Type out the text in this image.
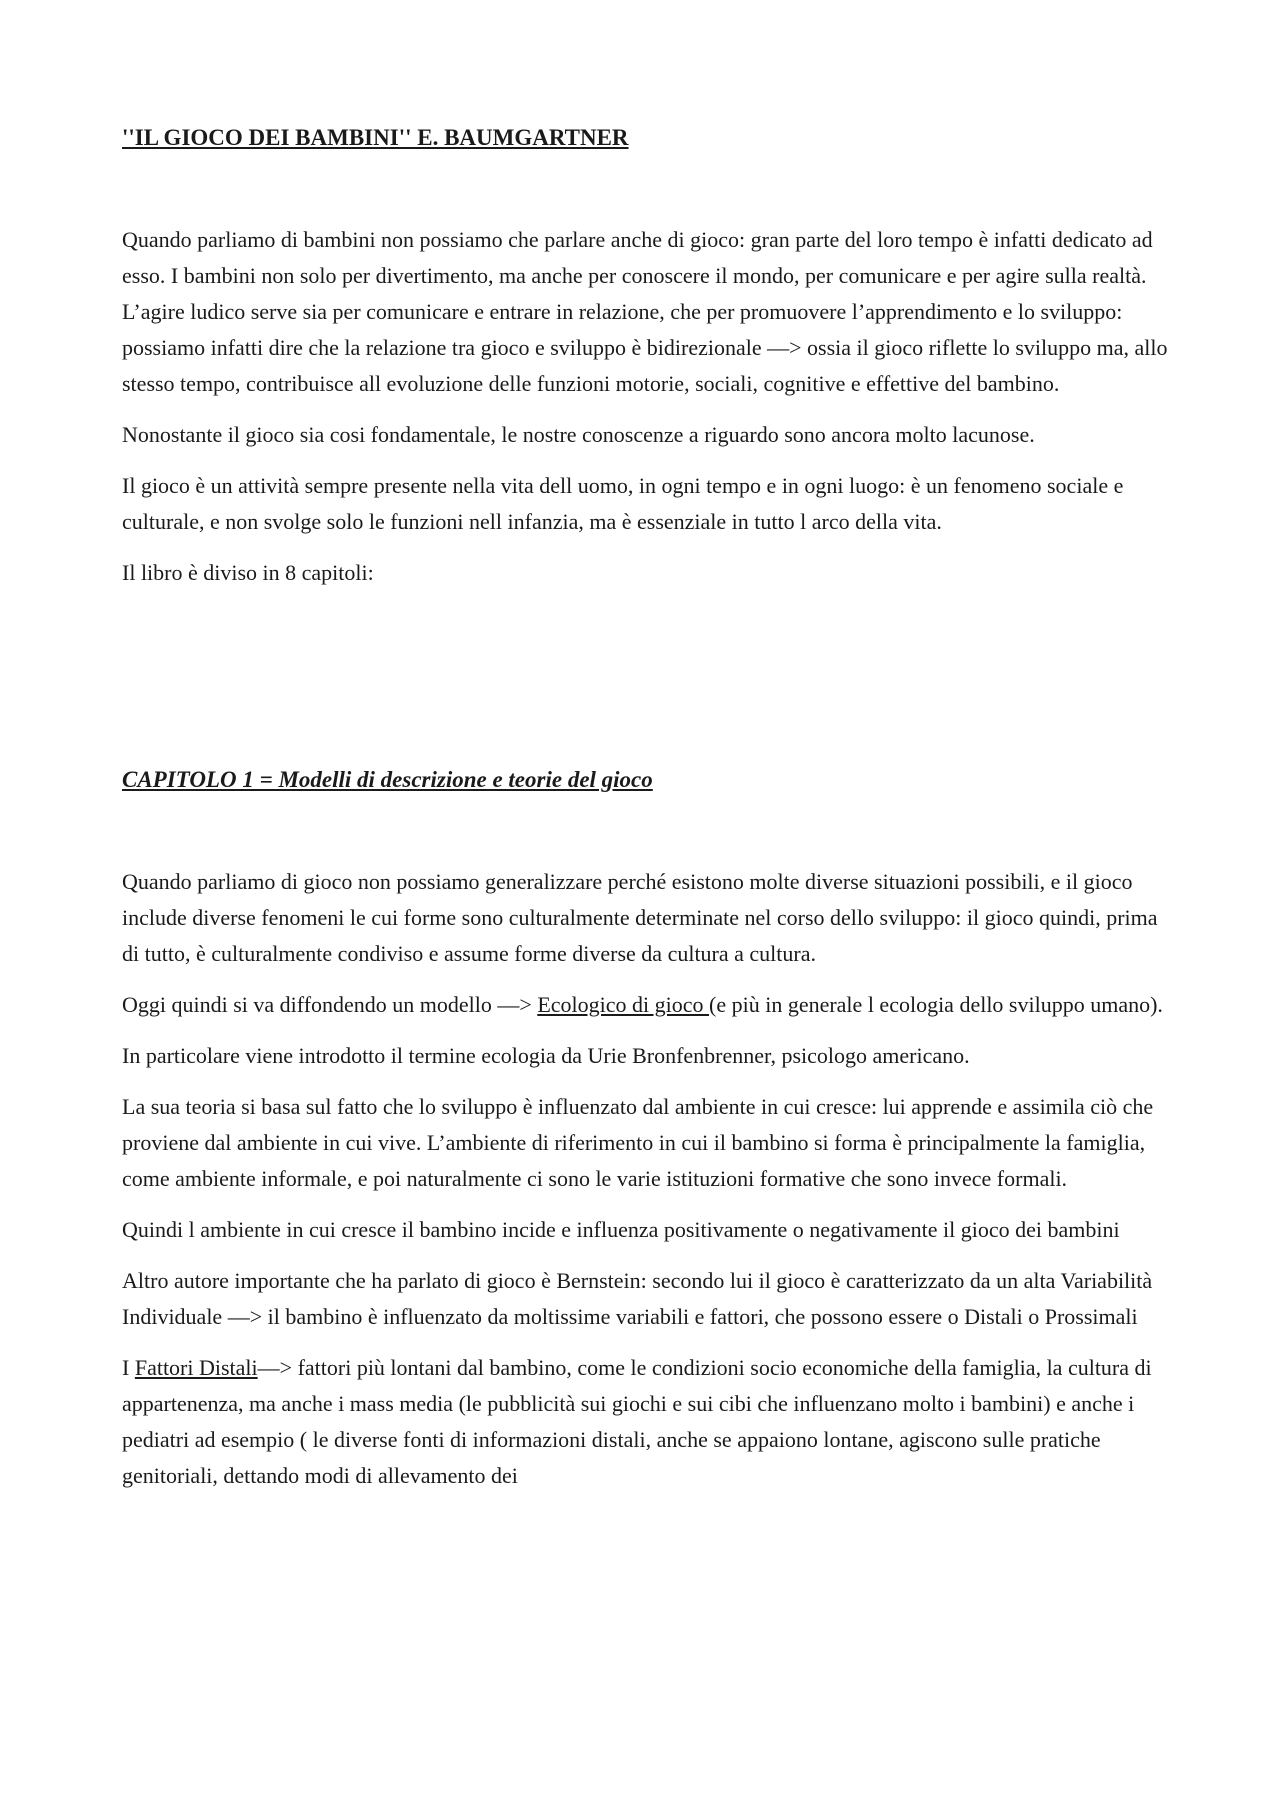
''IL GIOCO DEI BAMBINI'' E. BAUMGARTNER

Quando parliamo di bambini non possiamo che parlare anche di gioco: gran parte del loro tempo è infatti dedicato ad esso. I bambini non solo per divertimento, ma anche per conoscere il mondo, per comunicare e per agire sulla realtà. L’agire ludico serve sia per comunicare e entrare in relazione, che per promuovere l’apprendimento e lo sviluppo: possiamo infatti dire che la relazione tra gioco e sviluppo è bidirezionale —> ossia il gioco riflette lo sviluppo ma, allo stesso tempo, contribuisce all evoluzione delle funzioni motorie, sociali, cognitive e effettive del bambino.

Nonostante il gioco sia cosi fondamentale, le nostre conoscenze a riguardo sono ancora molto lacunose.

Il gioco è un attività sempre presente nella vita dell uomo, in ogni tempo e in ogni luogo: è un fenomeno sociale e culturale, e non svolge solo le funzioni nell infanzia, ma è essenziale in tutto l arco della vita.

Il libro è diviso in 8 capitoli:

CAPITOLO 1 = Modelli di descrizione e teorie del gioco

Quando parliamo di gioco non possiamo generalizzare perché esistono molte diverse situazioni possibili, e il gioco include diverse fenomeni le cui forme sono culturalmente determinate nel corso dello sviluppo: il gioco quindi, prima di tutto, è culturalmente condiviso e assume forme diverse da cultura a cultura.

Oggi quindi si va diffondendo un modello —> Ecologico di gioco (e più in generale l ecologia dello sviluppo umano).

In particolare viene introdotto il termine ecologia da Urie Bronfenbrenner, psicologo americano.

La sua teoria si basa sul fatto che lo sviluppo è influenzato dal ambiente in cui cresce: lui apprende e assimila ciò che proviene dal ambiente in cui vive. L’ambiente di riferimento in cui il bambino si forma è principalmente la famiglia, come ambiente informale, e poi naturalmente ci sono le varie istituzioni formative che sono invece formali.

Quindi l ambiente in cui cresce il bambino incide e influenza positivamente o negativamente il gioco dei bambini

Altro autore importante che ha parlato di gioco è Bernstein: secondo lui il gioco è caratterizzato da un alta Variabilità Individuale —> il bambino è influenzato da moltissime variabili e fattori, che possono essere o Distali o Prossimali

I Fattori Distali—> fattori più lontani dal bambino, come le condizioni socio economiche della famiglia, la cultura di appartenenza, ma anche i mass media (le pubblicità sui giochi e sui cibi che influenzano molto i bambini) e anche i pediatri ad esempio ( le diverse fonti di informazioni distali, anche se appaiono lontane, agiscono sulle pratiche genitoriali, dettando modi di allevamento dei
